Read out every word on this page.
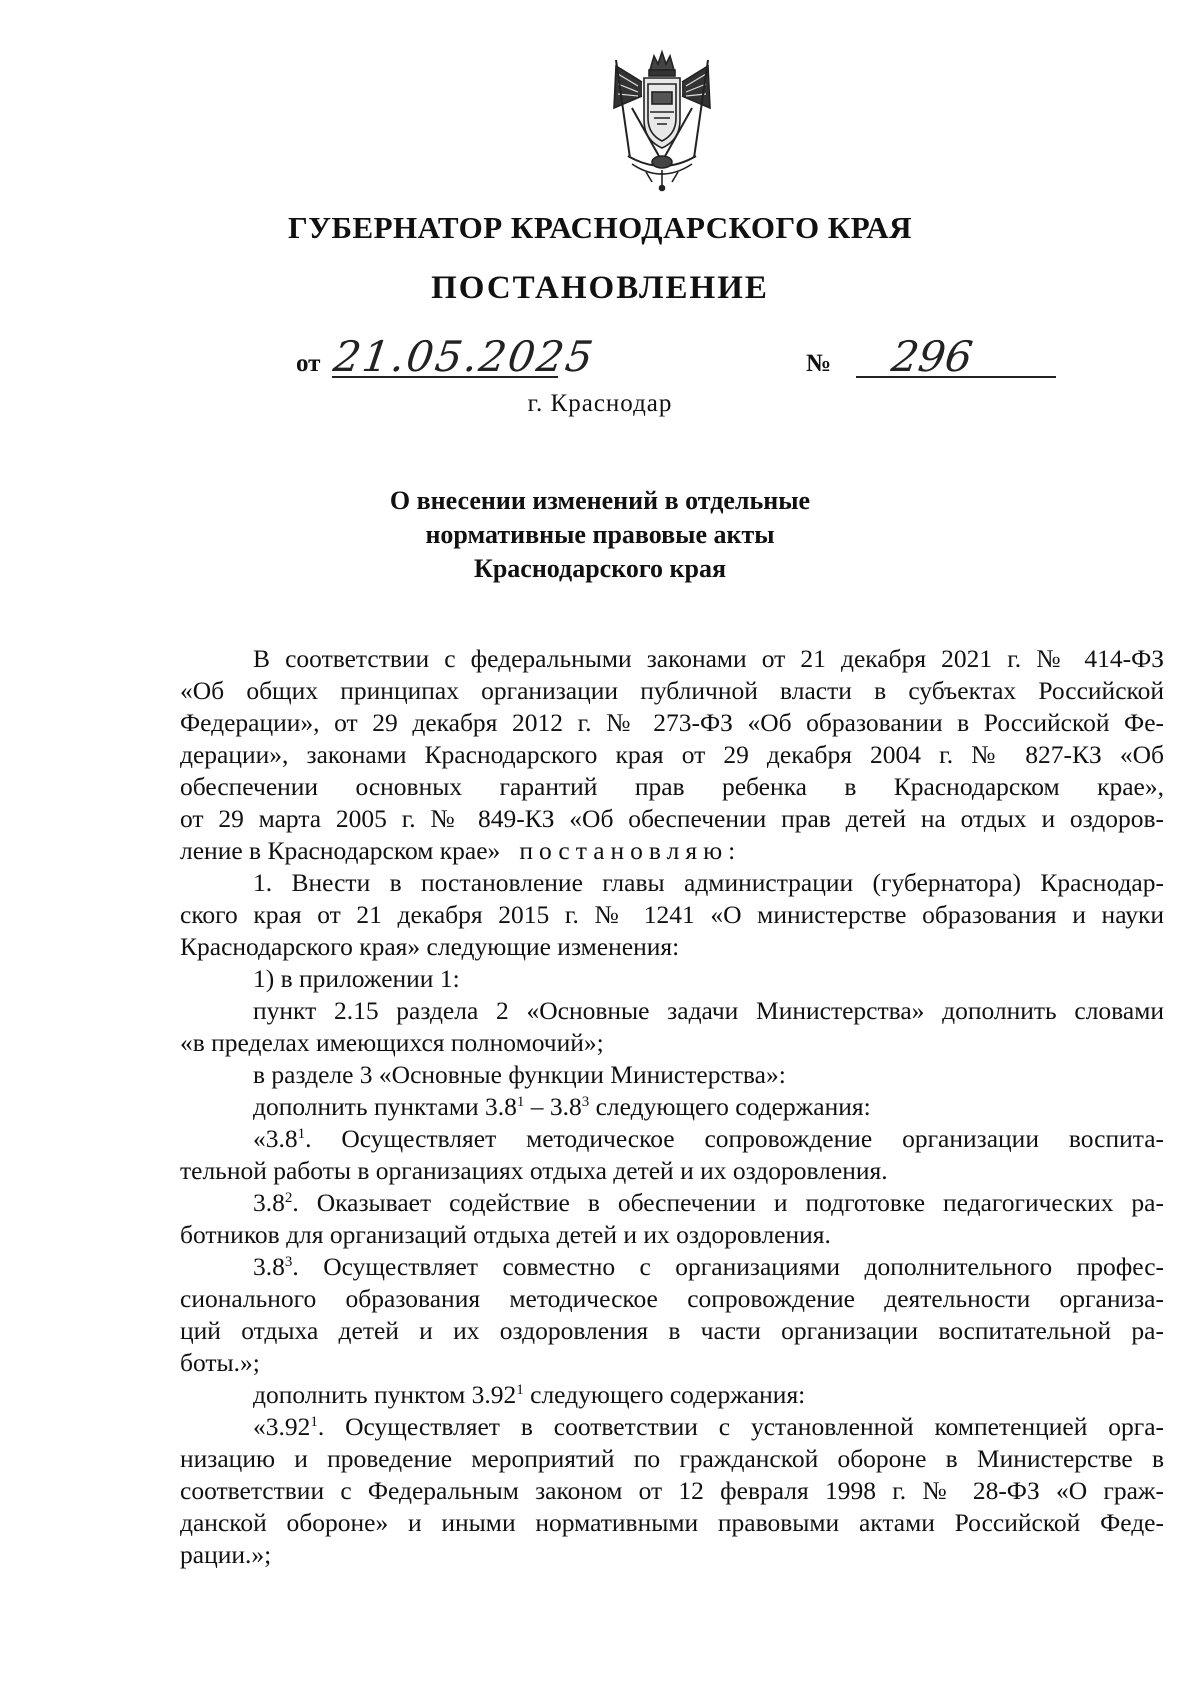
ГУБЕРНАТОР КРАСНОДАРСКОГО КРАЯ
ПОСТАНОВЛЕНИЕ
от 21.05.2025	№ 296
г. Краснодар
О внесении изменений в отдельные
нормативные правовые акты
Краснодарского края
В соответствии с федеральными законами от 21 декабря 2021 г. № 414-ФЗ
«Об общих принципах организации публичной власти в субъектах Российской
Федерации», от 29 декабря 2012 г. № 273-ФЗ «Об образовании в Российской Фе-
дерации», законами Краснодарского края от 29 декабря 2004 г. № 827-КЗ «Об
обеспечении основных гарантий прав ребенка в Краснодарском крае»,
от 29 марта 2005 г. № 849-КЗ «Об обеспечении прав детей на отдых и оздоров-
ление в Краснодарском крае» постановляю:
1. Внести в постановление главы администрации (губернатора) Краснодар-
ского края от 21 декабря 2015 г. № 1241 «О министерстве образования и науки
Краснодарского края» следующие изменения:
1) в приложении 1:
пункт 2.15 раздела 2 «Основные задачи Министерства» дополнить словами
«в пределах имеющихся полномочий»;
в разделе 3 «Основные функции Министерства»:
дополнить пунктами $3.8^1 - 3.8^3$ следующего содержания:
«$3.8^1$. Осуществляет методическое сопровождение организации воспита-
тельной работы в организациях отдыха детей и их оздоровления.
$3.8^2$. Оказывает содействие в обеспечении и подготовке педагогических ра-
ботников для организаций отдыха детей и их оздоровления.
$3.8^3$. Осуществляет совместно с организациями дополнительного профес-
сионального образования методическое сопровождение деятельности организа-
ций отдыха детей и их оздоровления в части организации воспитательной ра-
боты.»;
дополнить пунктом 3.92$^1$ следующего содержания:
«3.92$^1$. Осуществляет в соответствии с установленной компетенцией орга-
низацию и проведение мероприятий по гражданской обороне в Министерстве в
соответствии с Федеральным законом от 12 февраля 1998 г. № 28-ФЗ «О граж-
данской обороне» и иными нормативными правовыми актами Российской Феде-
рации.»;
